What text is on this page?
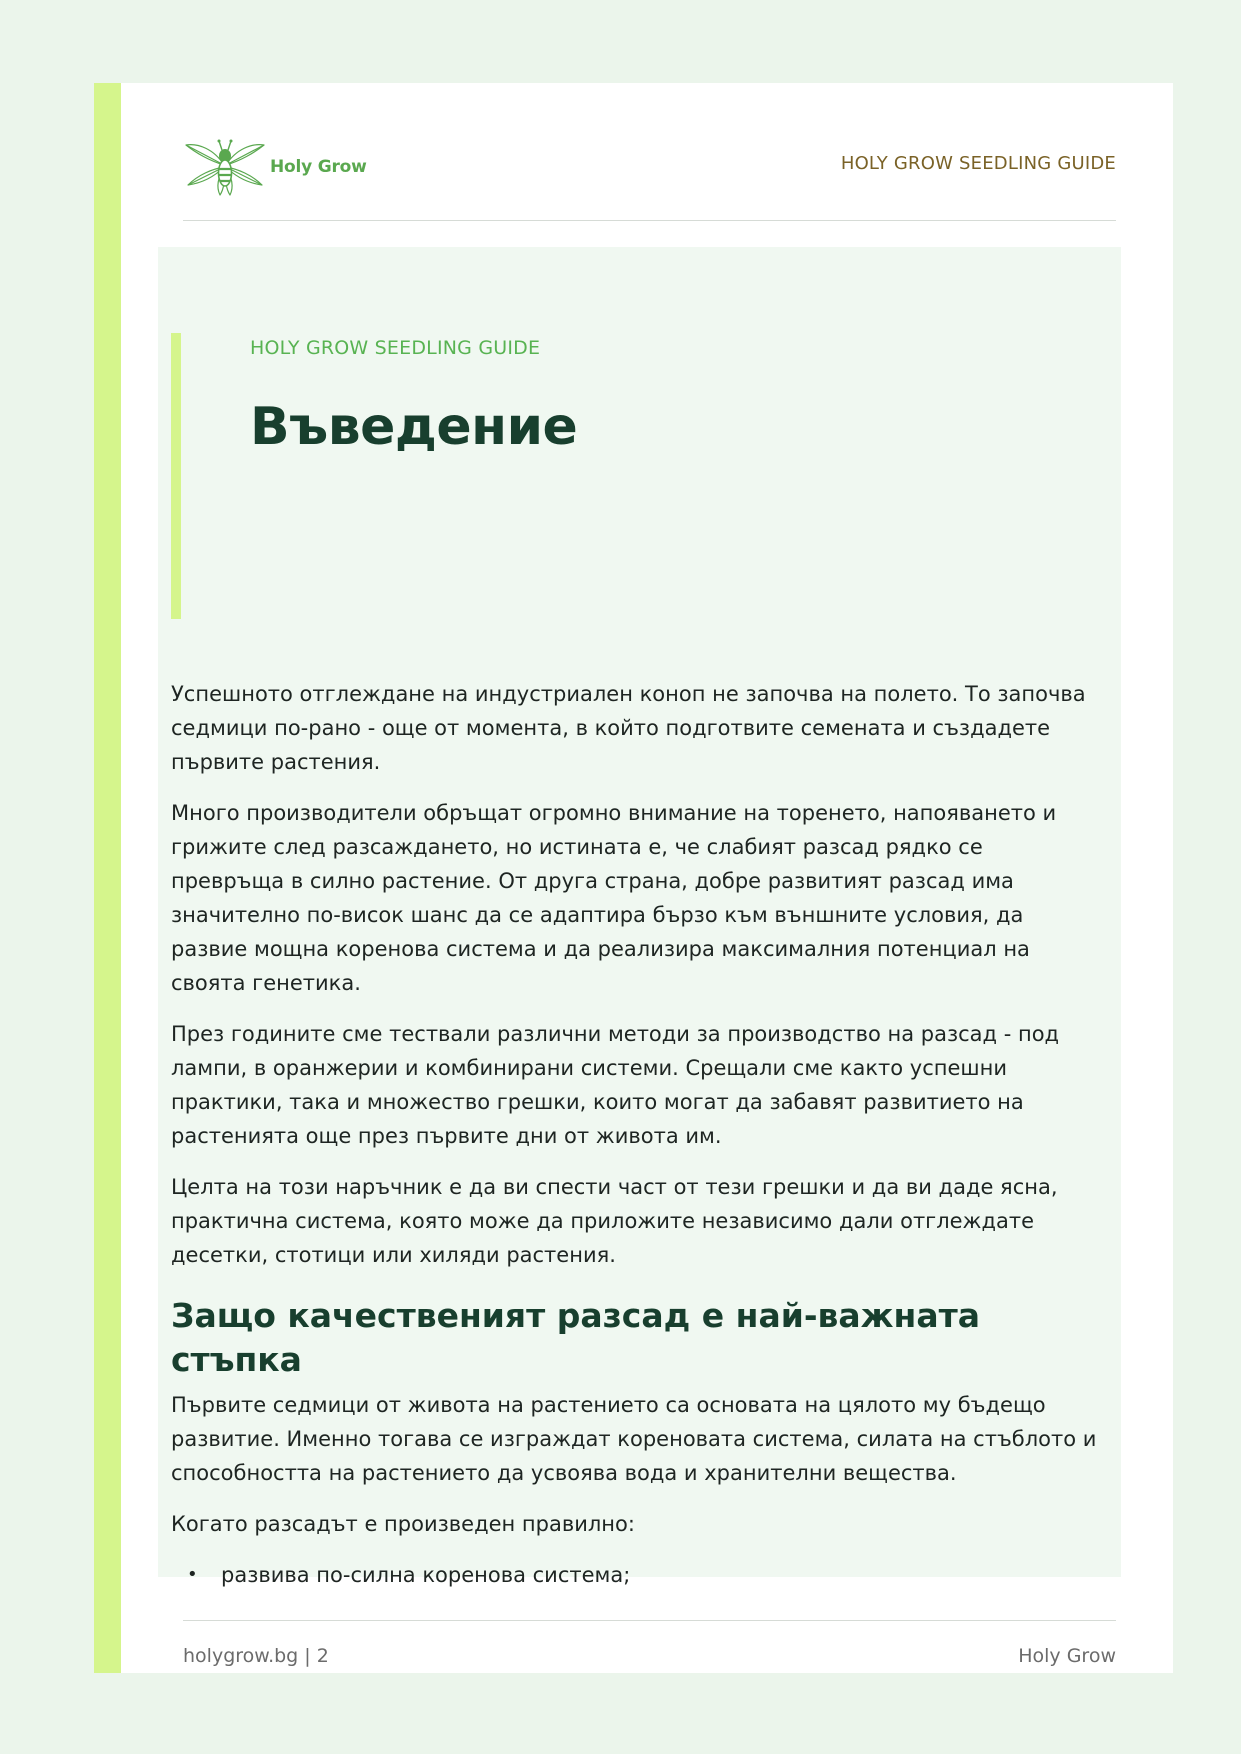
Holy Grow	HOLY GROW SEEDLING GUIDE
HOLY GROW SEEDLING GUIDE
Въведение

Успешното отглеждане на индустриален коноп не започва на полето. То започва седмици по-рано - още от момента, в който подготвите семената и създадете първите растения.

Много производители обръщат огромно внимание на торенето, напояването и грижите след разсаждането, но истината е, че слабият разсад рядко се превръща в силно растение. От друга страна, добре развитият разсад има значително по-висок шанс да се адаптира бързо към външните условия, да развие мощна коренова система и да реализира максималния потенциал на своята генетика.

През годините сме тествали различни методи за производство на разсад - под лампи, в оранжерии и комбинирани системи. Срещали сме както успешни практики, така и множество грешки, които могат да забавят развитието на растенията още през първите дни от живота им.

Целта на този наръчник е да ви спести част от тези грешки и да ви даде ясна, практична система, която може да приложите независимо дали отглеждате десетки, стотици или хиляди растения.

Защо качественият разсад е най-важната стъпка

Първите седмици от живота на растението са основата на цялото му бъдещо развитие. Именно тогава се изграждат кореновата система, силата на стъблото и способността на растението да усвоява вода и хранителни вещества.

Когато разсадът е произведен правилно:

• развива по-силна коренова система;
holygrow.bg | 2	Holy Grow
